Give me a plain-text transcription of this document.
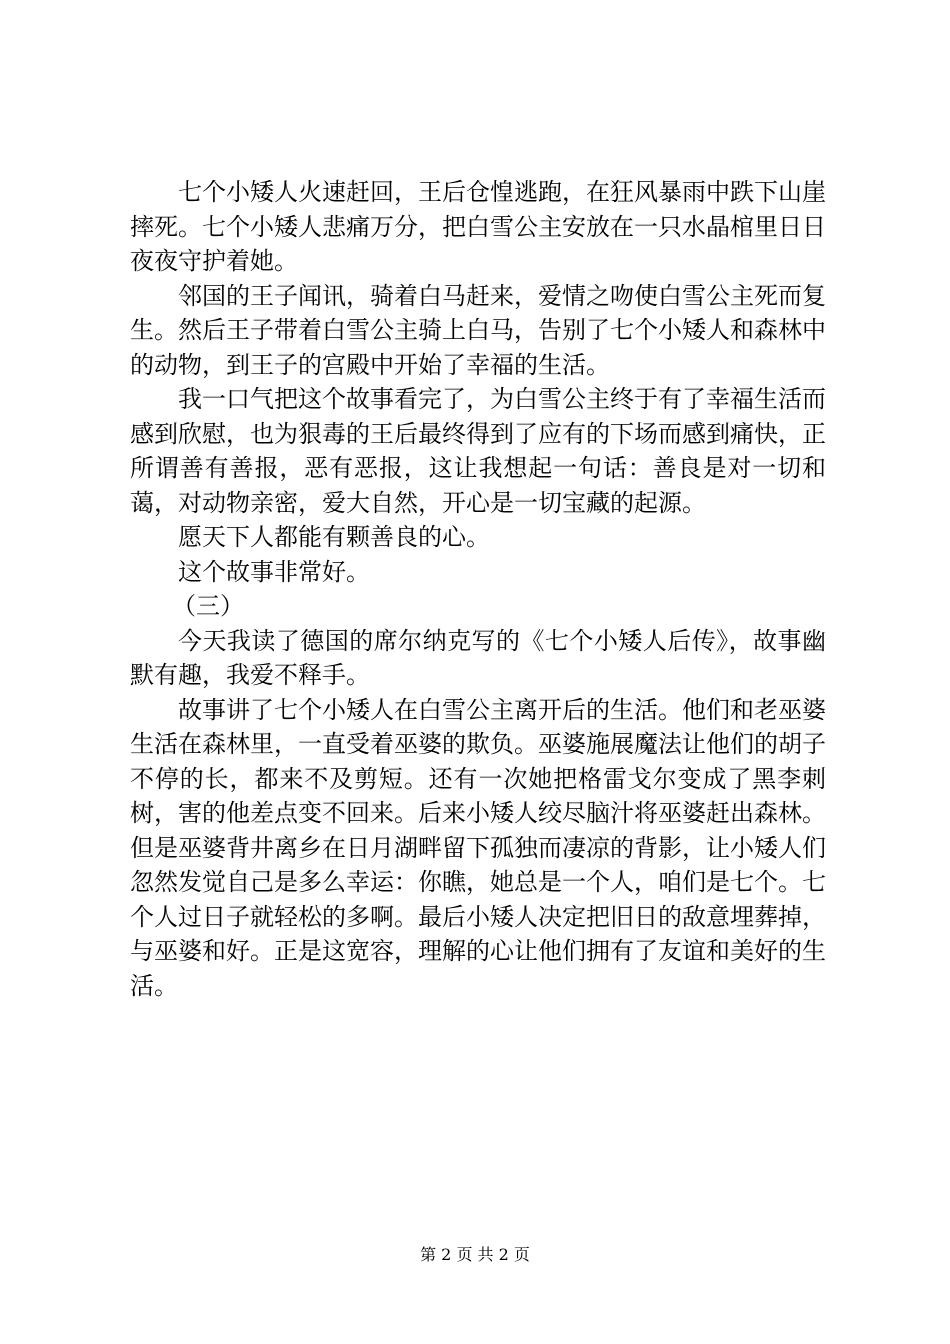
七个小矮人火速赶回，王后仓惶逃跑，在狂风暴雨中跌下山崖摔死。七个小矮人悲痛万分，把白雪公主安放在一只水晶棺里日日夜夜守护着她。

邻国的王子闻讯，骑着白马赶来，爱情之吻使白雪公主死而复生。然后王子带着白雪公主骑上白马，告别了七个小矮人和森林中的动物，到王子的宫殿中开始了幸福的生活。

我一口气把这个故事看完了，为白雪公主终于有了幸福生活而感到欣慰，也为狠毒的王后最终得到了应有的下场而感到痛快，正所谓善有善报，恶有恶报，这让我想起一句话：善良是对一切和蔼，对动物亲密，爱大自然，开心是一切宝藏的起源。

愿天下人都能有颗善良的心。

这个故事非常好。

（三）

今天我读了德国的席尔纳克写的《七个小矮人后传》，故事幽默有趣，我爱不释手。

故事讲了七个小矮人在白雪公主离开后的生活。他们和老巫婆生活在森林里，一直受着巫婆的欺负。巫婆施展魔法让他们的胡子不停的长，都来不及剪短。还有一次她把格雷戈尔变成了黑李刺树，害的他差点变不回来。后来小矮人绞尽脑汁将巫婆赶出森林。但是巫婆背井离乡在日月湖畔留下孤独而凄凉的背影，让小矮人们忽然发觉自己是多么幸运：你瞧，她总是一个人，咱们是七个。七个人过日子就轻松的多啊。最后小矮人决定把旧日的敌意埋葬掉，与巫婆和好。正是这宽容，理解的心让他们拥有了友谊和美好的生活。

第 2 页 共 2 页
